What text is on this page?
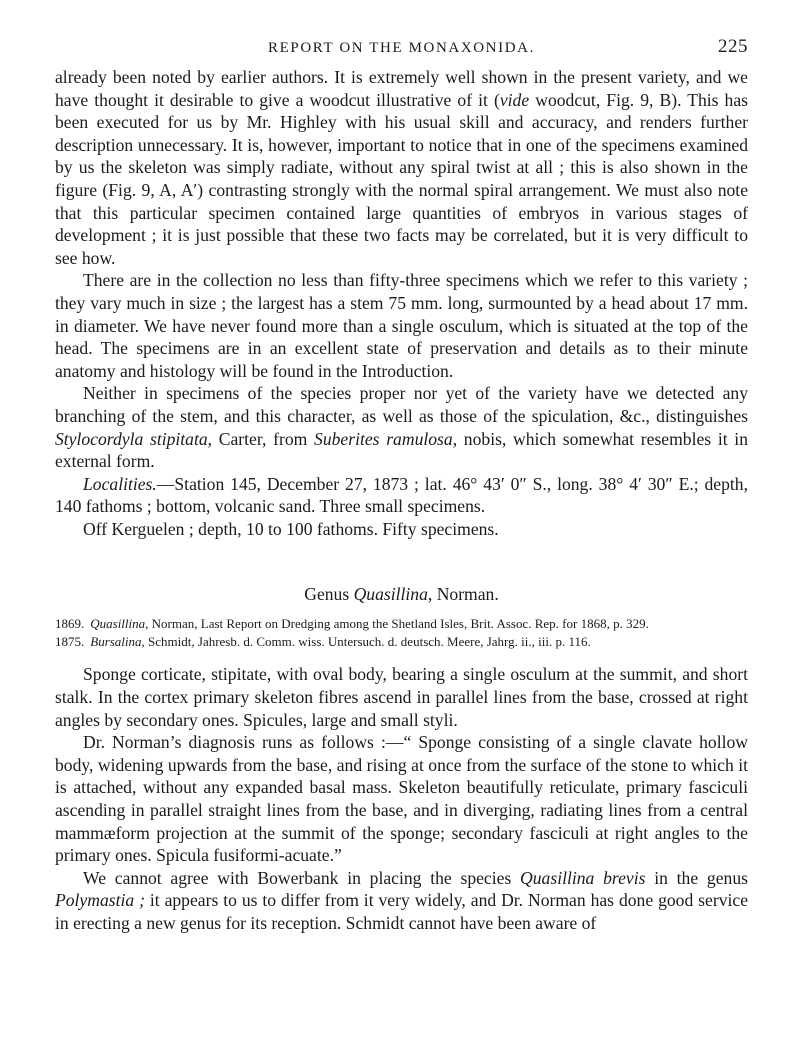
REPORT ON THE MONAXONIDA.	225

already been noted by earlier authors. It is extremely well shown in the present variety, and we have thought it desirable to give a woodcut illustrative of it (vide woodcut, Fig. 9, B). This has been executed for us by Mr. Highley with his usual skill and accuracy, and renders further description unnecessary. It is, however, important to notice that in one of the specimens examined by us the skeleton was simply radiate, without any spiral twist at all ; this is also shown in the figure (Fig. 9, A, A′) contrasting strongly with the normal spiral arrangement. We must also note that this particular specimen contained large quantities of embryos in various stages of development ; it is just possible that these two facts may be correlated, but it is very difficult to see how.

There are in the collection no less than fifty-three specimens which we refer to this variety ; they vary much in size ; the largest has a stem 75 mm. long, surmounted by a head about 17 mm. in diameter. We have never found more than a single osculum, which is situated at the top of the head. The specimens are in an excellent state of preservation and details as to their minute anatomy and histology will be found in the Introduction.

Neither in specimens of the species proper nor yet of the variety have we detected any branching of the stem, and this character, as well as those of the spiculation, &c., distinguishes Stylocordyla stipitata, Carter, from Suberites ramulosa, nobis, which somewhat resembles it in external form.

Localities.—Station 145, December 27, 1873 ; lat. 46° 43′ 0″ S., long. 38° 4′ 30″ E.; depth, 140 fathoms ; bottom, volcanic sand. Three small specimens.

Off Kerguelen ; depth, 10 to 100 fathoms. Fifty specimens.

Genus Quasillina, Norman.
1869. Quasillina, Norman, Last Report on Dredging among the Shetland Isles, Brit. Assoc. Rep. for 1868, p. 329.
1875. Bursalina, Schmidt, Jahresb. d. Comm. wiss. Untersuch. d. deutsch. Meere, Jahrg. ii., iii. p. 116.

Sponge corticate, stipitate, with oval body, bearing a single osculum at the summit, and short stalk. In the cortex primary skeleton fibres ascend in parallel lines from the base, crossed at right angles by secondary ones. Spicules, large and small styli.

Dr. Norman’s diagnosis runs as follows :—“ Sponge consisting of a single clavate hollow body, widening upwards from the base, and rising at once from the surface of the stone to which it is attached, without any expanded basal mass. Skeleton beautifully reticulate, primary fasciculi ascending in parallel straight lines from the base, and in diverging, radiating lines from a central mammæform projection at the summit of the sponge; secondary fasciculi at right angles to the primary ones. Spicula fusiformi-acuate.”

We cannot agree with Bowerbank in placing the species Quasillina brevis in the genus Polymastia ; it appears to us to differ from it very widely, and Dr. Norman has done good service in erecting a new genus for its reception. Schmidt cannot have been aware of
